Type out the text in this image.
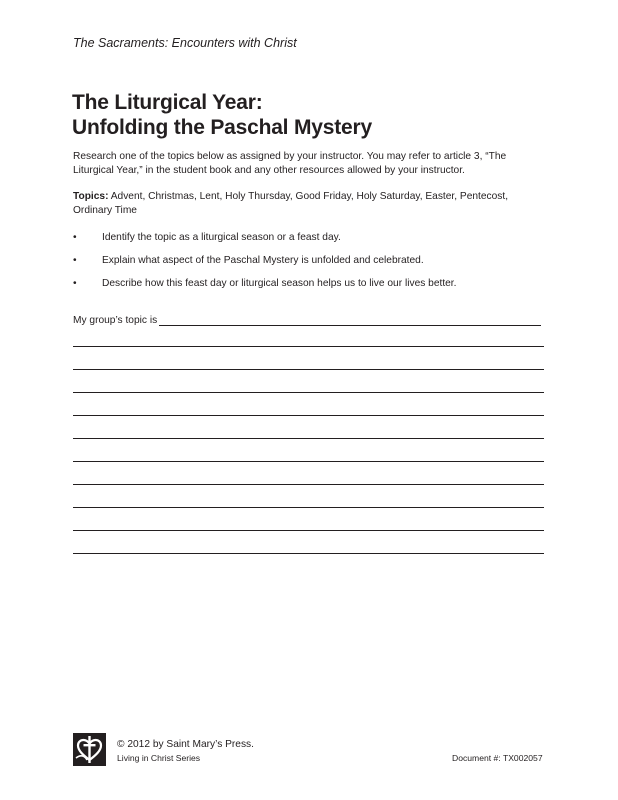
The Sacraments: Encounters with Christ
The Liturgical Year:
Unfolding the Paschal Mystery
Research one of the topics below as assigned by your instructor. You may refer to article 3, “The Liturgical Year,” in the student book and any other resources allowed by your instructor.
Topics: Advent, Christmas, Lent, Holy Thursday, Good Friday, Holy Saturday, Easter, Pentecost, Ordinary Time
• Identify the topic as a liturgical season or a feast day.
• Explain what aspect of the Paschal Mystery is unfolded and celebrated.
• Describe how this feast day or liturgical season helps us to live our lives better.
My group’s topic is
© 2012 by Saint Mary’s Press.
Living in Christ Series	Document #: TX002057
